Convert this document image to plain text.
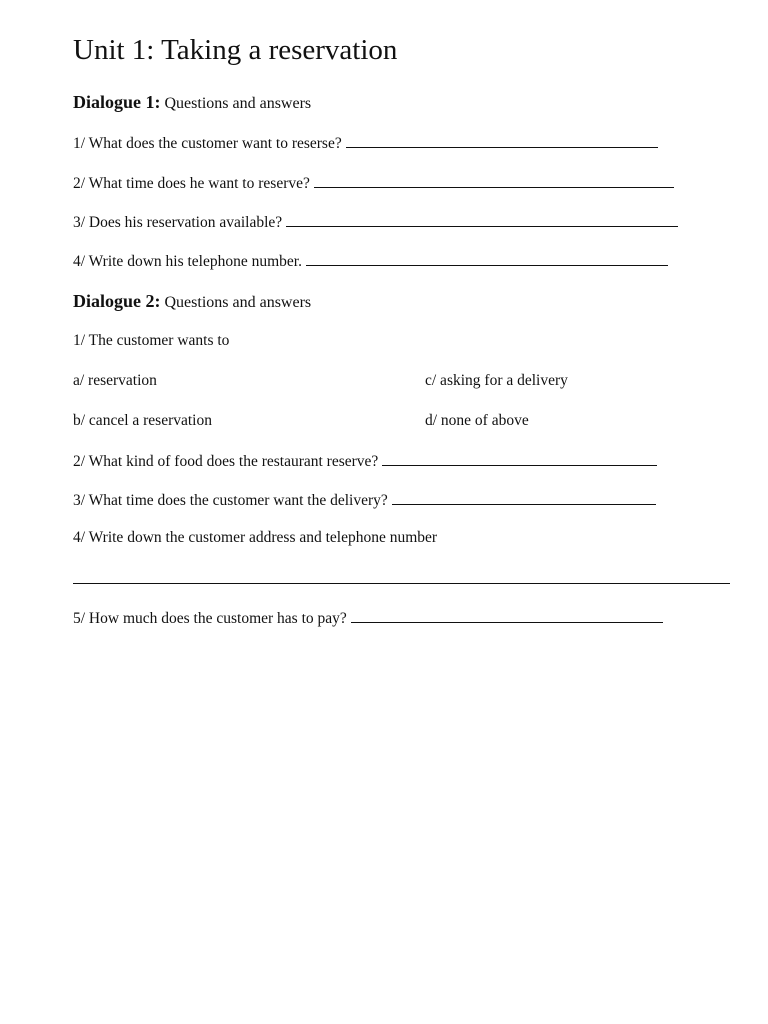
Unit 1: Taking a reservation
Dialogue 1: Questions and answers
1/ What does the customer want to reserse?
2/ What time does he want to reserve?
3/ Does his reservation available?
4/ Write down his telephone number.
Dialogue 2: Questions and answers
1/ The customer wants to
a/ reservation	c/ asking for a delivery
b/ cancel a reservation	d/ none of above
2/ What kind of food does the restaurant reserve?
3/ What time does the customer want the delivery?
4/ Write down the customer address and telephone number
5/ How much does the customer has to pay?
